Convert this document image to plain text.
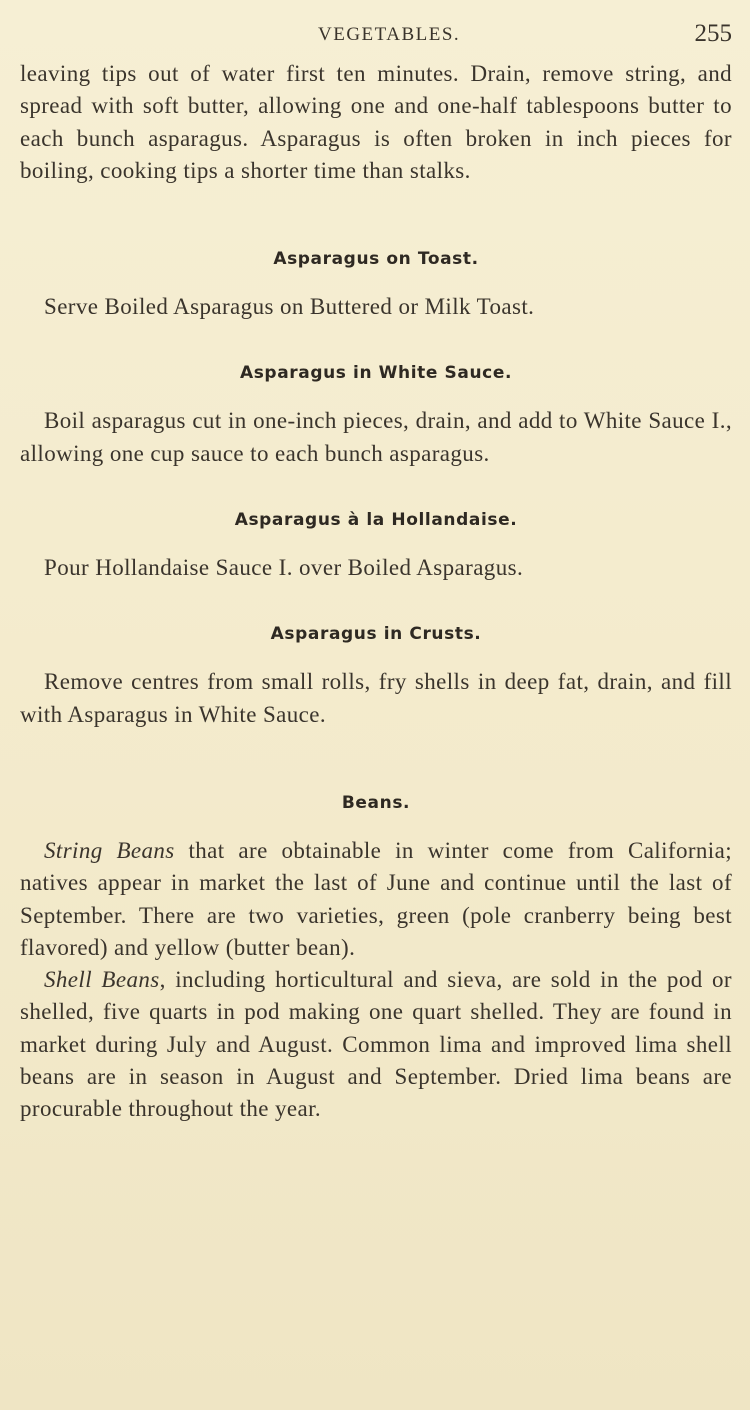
VEGETABLES.	255

leaving tips out of water first ten minutes. Drain, remove string, and spread with soft butter, allowing one and one-half tablespoons butter to each bunch asparagus. Asparagus is often broken in inch pieces for boiling, cooking tips a shorter time than stalks.

Asparagus on Toast.

Serve Boiled Asparagus on Buttered or Milk Toast.

Asparagus in White Sauce.

Boil asparagus cut in one-inch pieces, drain, and add to White Sauce I., allowing one cup sauce to each bunch asparagus.

Asparagus à la Hollandaise.

Pour Hollandaise Sauce I. over Boiled Asparagus.

Asparagus in Crusts.

Remove centres from small rolls, fry shells in deep fat, drain, and fill with Asparagus in White Sauce.

Beans.

String Beans that are obtainable in winter come from California; natives appear in market the last of June and continue until the last of September. There are two varieties, green (pole cranberry being best flavored) and yellow (butter bean).

Shell Beans, including horticultural and sieva, are sold in the pod or shelled, five quarts in pod making one quart shelled. They are found in market during July and August. Common lima and improved lima shell beans are in season in August and September. Dried lima beans are procurable throughout the year.
